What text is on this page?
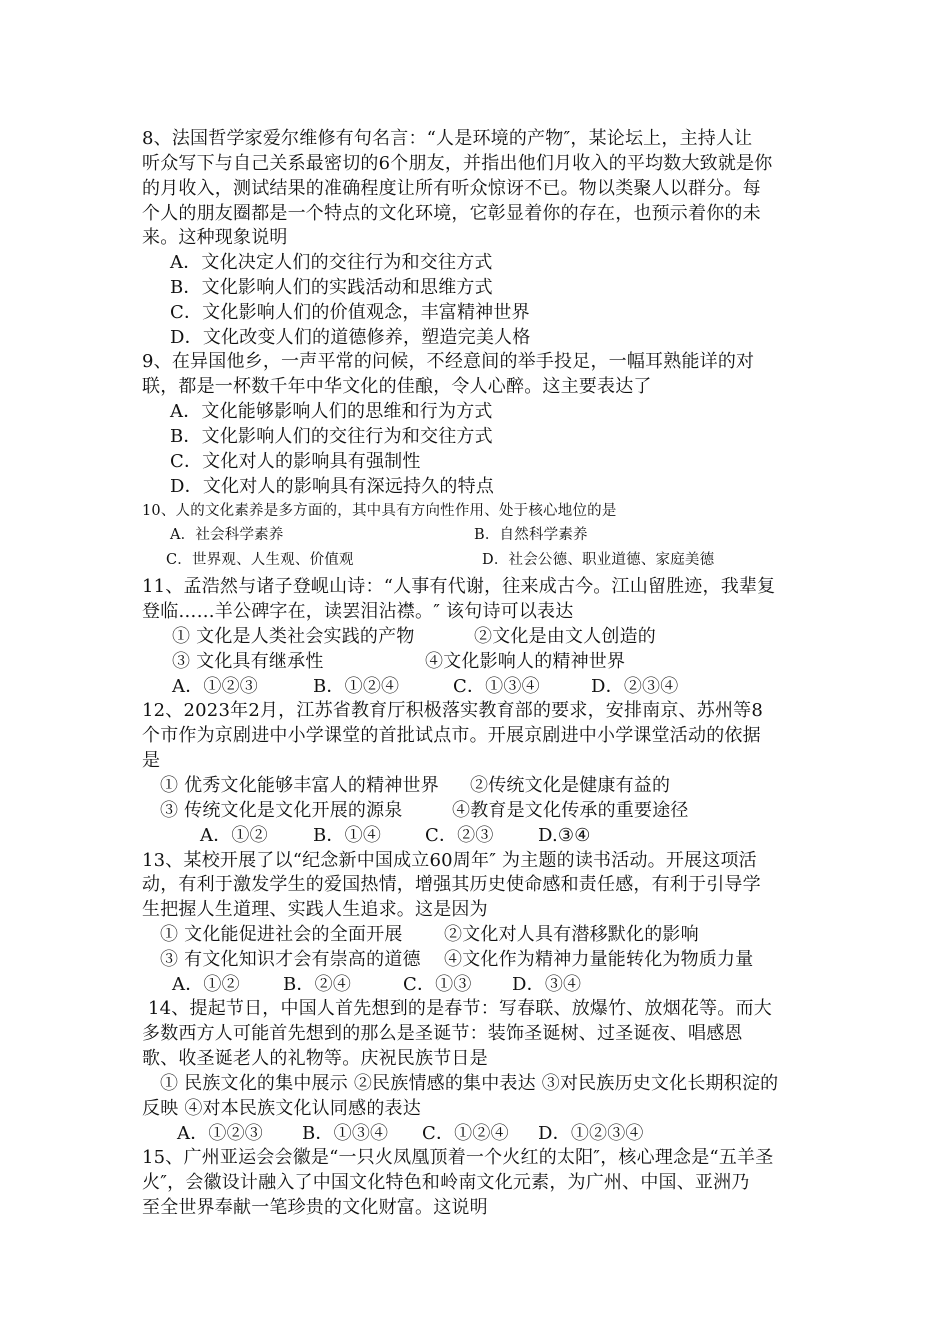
8、法国哲学家爱尔维修有句名言：“人是环境的产物″，某论坛上，主持人让
听众写下与自己关系最密切的6个朋友，并指出他们月收入的平均数大致就是你
的月收入，测试结果的准确程度让所有听众惊讶不已。物以类聚人以群分。每
个人的朋友圈都是一个特点的文化环境，它彰显着你的存在，也预示着你的未
来。这种现象说明
A．文化决定人们的交往行为和交往方式
B．文化影响人们的实践活动和思维方式
C．文化影响人们的价值观念，丰富精神世界
D．文化改变人们的道德修养，塑造完美人格
9、在异国他乡，一声平常的问候，不经意间的举手投足，一幅耳熟能详的对
联，都是一杯数千年中华文化的佳酿，令人心醉。这主要表达了
A．文化能够影响人们的思维和行为方式
B．文化影响人们的交往行为和交往方式
C．文化对人的影响具有强制性
D．文化对人的影响具有深远持久的特点
10、人的文化素养是多方面的，其中具有方向性作用、处于核心地位的是
A．社会科学素养	B．自然科学素养
C．世界观、人生观、价值观	D．社会公德、职业道德、家庭美德
11、孟浩然与诸子登岘山诗：“人事有代谢，往来成古今。江山留胜迹，我辈复
登临……羊公碑字在，读罢泪沾襟。″ 该句诗可以表达
① 文化是人类社会实践的产物	②文化是由文人创造的
③ 文化具有继承性	④文化影响人的精神世界
A．①②③	B．①②④	C．①③④	D．②③④
12、2023年2月，江苏省教育厅积极落实教育部的要求，安排南京、苏州等8
个市作为京剧进中小学课堂的首批试点市。开展京剧进中小学课堂活动的依据
是
① 优秀文化能够丰富人的精神世界 ②传统文化是健康有益的
③ 传统文化是文化开展的源泉	④教育是文化传承的重要途径
A．①②	B．①④ C．②③ D.③④
13、某校开展了以“纪念新中国成立60周年″ 为主题的读书活动。开展这项活
动，有利于激发学生的爱国热情，增强其历史使命感和责任感，有利于引导学
生把握人生道理、实践人生追求。这是因为
① 文化能促进社会的全面开展 ②文化对人具有潜移默化的影响
③ 有文化知识才会有崇高的道德 ④文化作为精神力量能转化为物质力量
A．①② B．②④	C．①③ D．③④
14、提起节日，中国人首先想到的是春节：写春联、放爆竹、放烟花等。而大
多数西方人可能首先想到的那么是圣诞节：装饰圣诞树、过圣诞夜、唱感恩
歌、收圣诞老人的礼物等。庆祝民族节日是
① 民族文化的集中展示 ②民族情感的集中表达 ③对民族历史文化长期积淀的
反映 ④对本民族文化认同感的表达
A．①②③ B．①③④ C．①②④ D．①②③④
15、广州亚运会会徽是“一只火凤凰顶着一个火红的太阳″，核心理念是“五羊圣
火″，会徽设计融入了中国文化特色和岭南文化元素，为广州、中国、亚洲乃
至全世界奉献一笔珍贵的文化财富。这说明
